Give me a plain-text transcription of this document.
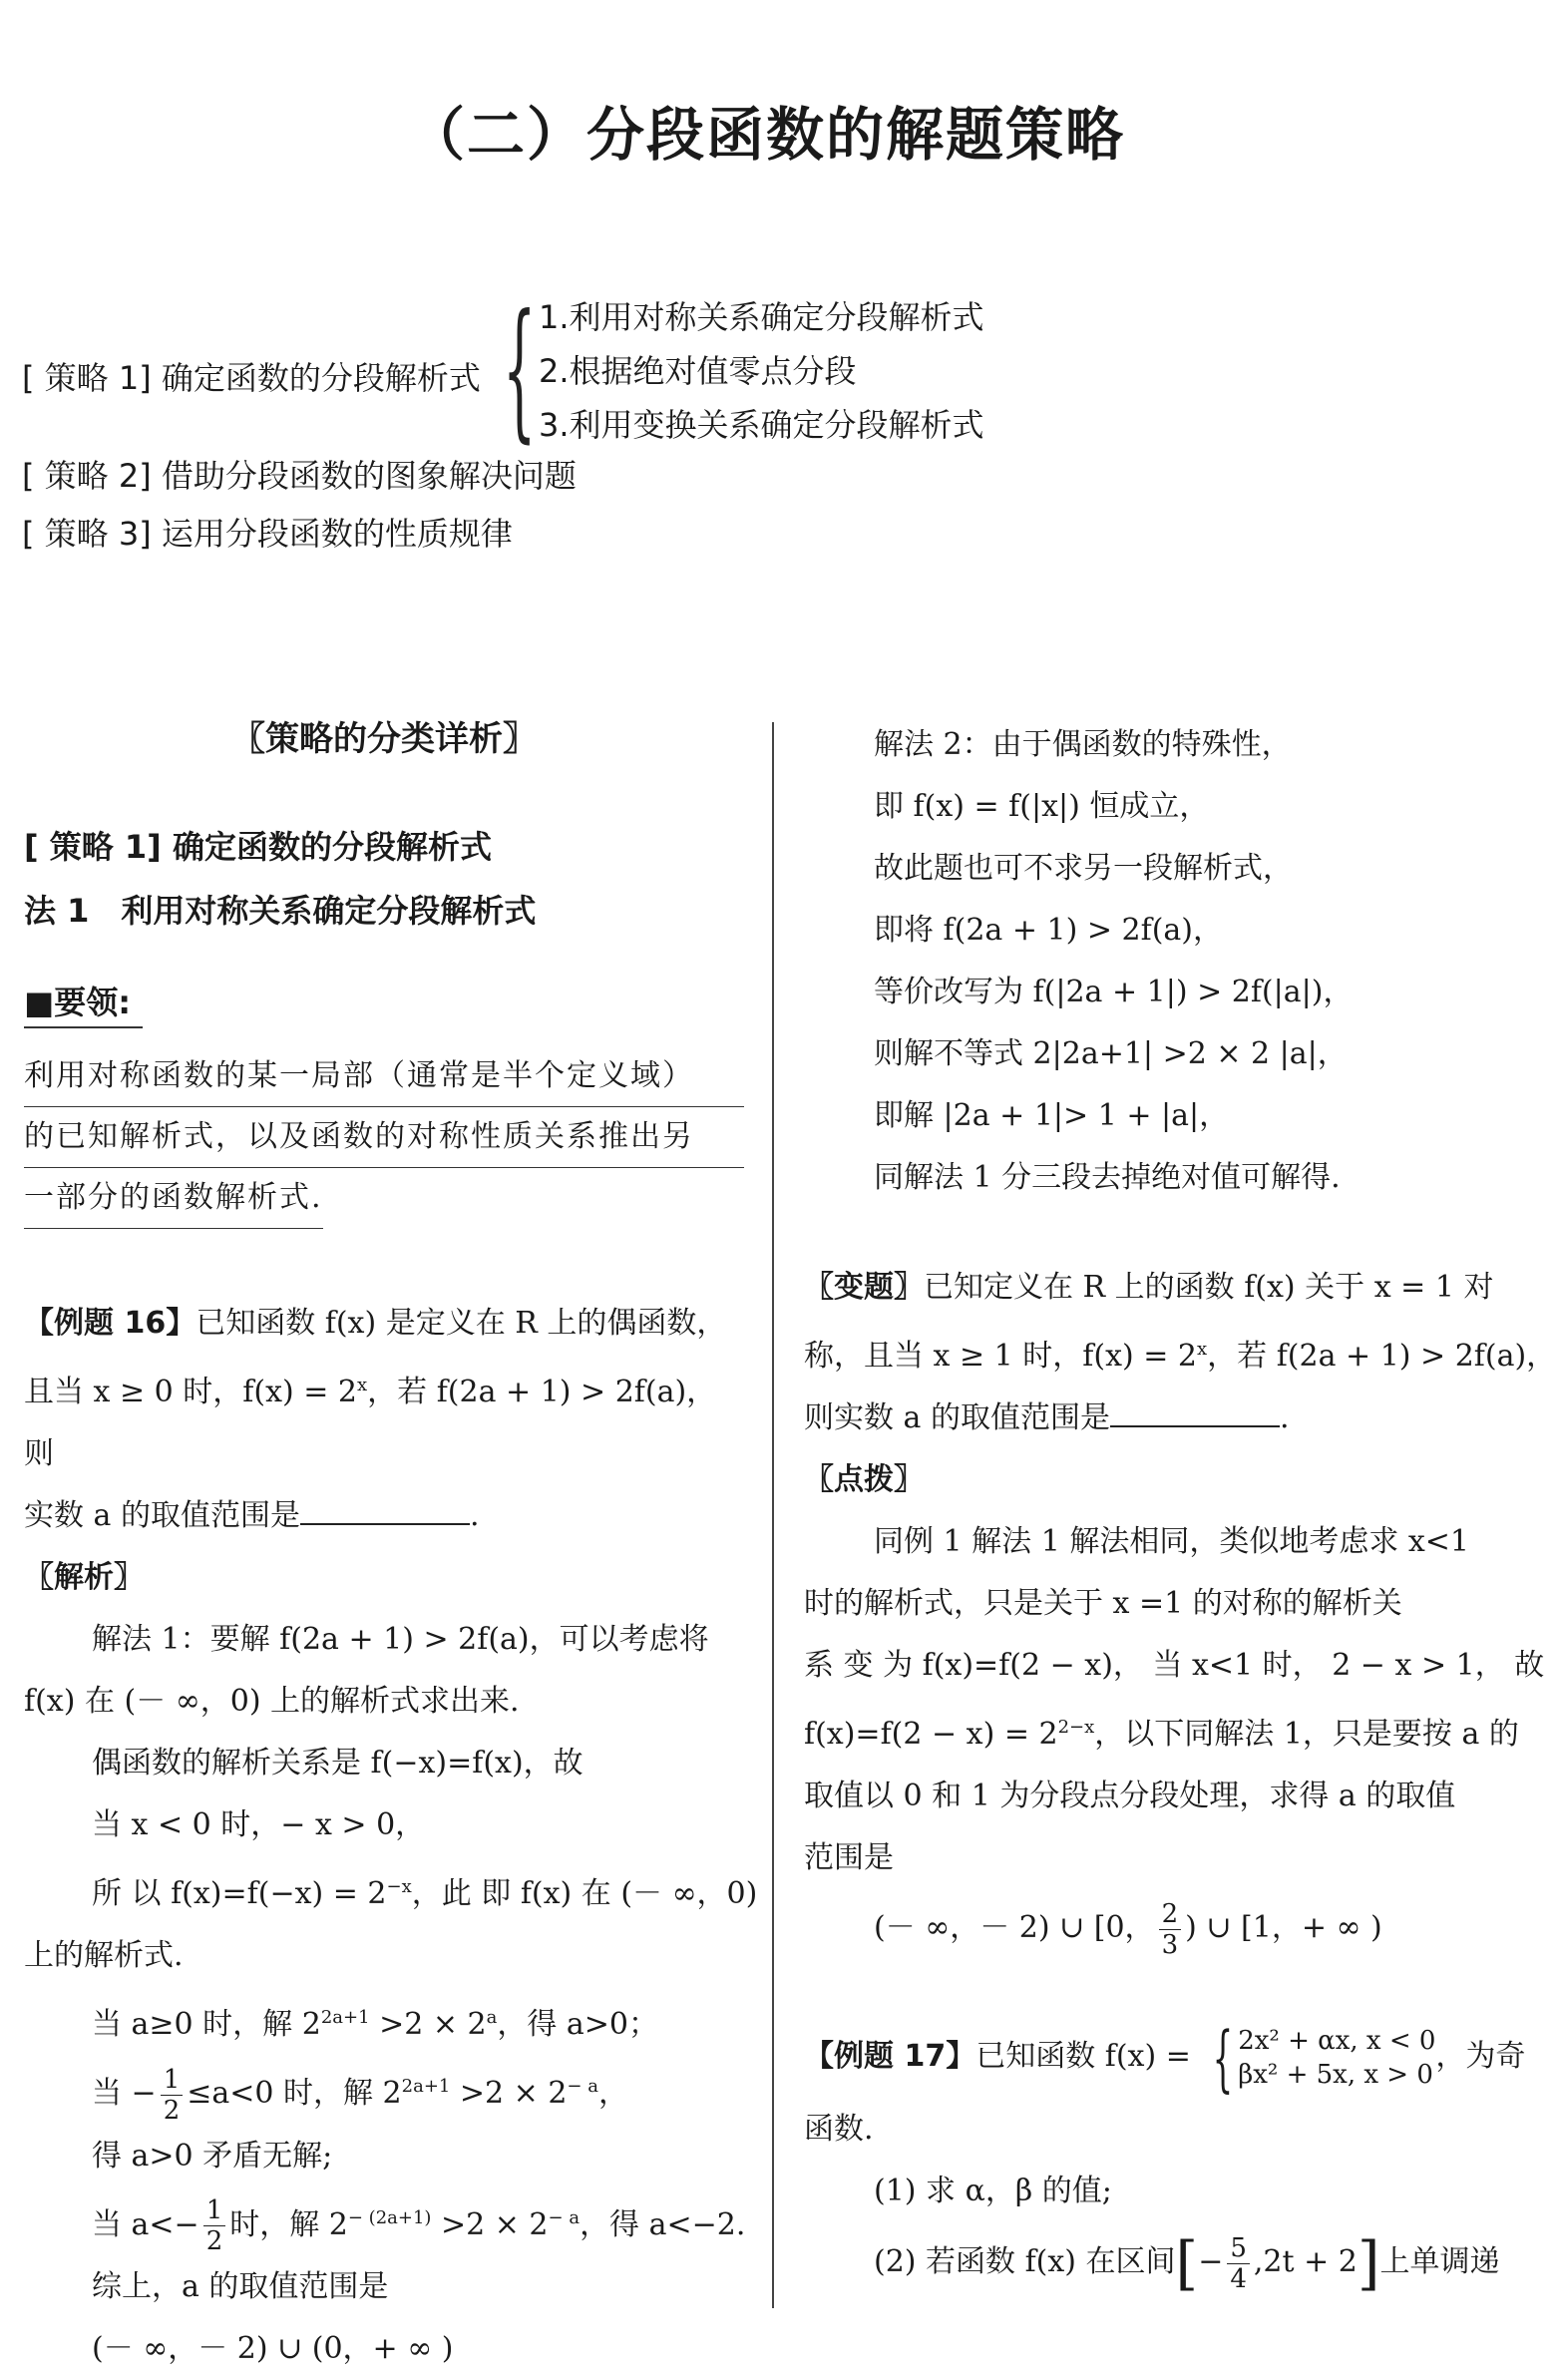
（二）分段函数的解题策略
[ 策略 1] 确定函数的分段解析式 { 1.利用对称关系确定分段解析式
2.根据绝对值零点分段
3.利用变换关系确定分段解析式
[ 策略 2] 借助分段函数的图象解决问题
[ 策略 3] 运用分段函数的性质规律
〖策略的分类详析〗
[ 策略 1] 确定函数的分段解析式
法 1　利用对称关系确定分段解析式
■要领:
利用对称函数的某一局部（通常是半个定义域）
的已知解析式，以及函数的对称性质关系推出另
一部分的函数解析式.
【例题 16】已知函数 f(x) 是定义在 R 上的偶函数，
且当 x ≥ 0 时，$f(x) = 2^x$，若 f(2a + 1) > 2f(a)，则
实数 a 的取值范围是	.
〖解析〗
解法 1：要解 f(2a + 1) > 2f(a)，可以考虑将
f(x) 在 (－ ∞，0) 上的解析式求出来.
偶函数的解析关系是 f(−x)=f(x)，故
当 x < 0 时，− x > 0，
所 以 $f(x)=f(-x) = 2^{-x}$，此 即 f(x) 在 (－ ∞，0)
上的解析式.
当 a≥0 时，解 $2^{2a+1} >2 \times 2^a$，得 a>0；
当 − $\frac{1}{2} \le a<0$ 时，解 $2^{2a+1} >2 \times 2^{- a}$，
得 a>0 矛盾无解;
当 $a<- \frac{1}{2}$ 时，解 $2^{- (2a+1)} >2 \times 2^{- a}$，得 a<−2.
综上，a 的取值范围是
(－ ∞，－ 2) ∪ (0，+ ∞ )
解法 2：由于偶函数的特殊性，
即 f(x) = f(|x|) 恒成立，
故此题也可不求另一段解析式，
即将 f(2a + 1) > 2f(a)，
等价改写为 f(|2a + 1|) > 2f(|a|)，
则解不等式 2|2a+1| >2 × 2 |a|，
即解 |2a + 1|> 1 + |a|，
同解法 1 分三段去掉绝对值可解得.
〖变题〗已知定义在 R 上的函数 f(x) 关于 x = 1 对
称，且当 x ≥ 1 时，$f(x) = 2^x$，若 f(2a + 1) > 2f(a)，
则实数 a 的取值范围是	.
〖点拨〗
同例 1 解法 1 解法相同，类似地考虑求 x<1
时的解析式，只是关于 x =1 的对称的解析关
系 变 为 f(x)=f(2 − x)， 当 x<1 时， 2 − x > 1， 故
$f(x)=f(2 - x) = 2^{2-x}$，以下同解法 1，只是要按 a 的
取值以 0 和 1 为分段点分段处理，求得 a 的取值
范围是
(－ ∞，－ 2) ∪ [0， $\frac{2}{3}$ ) ∪ [1，+ ∞ )
【例题 17】已知函数 f(x) = { 2x² + αx, x < 0
βx² + 5x, x > 0
，为奇
函数.
(1) 求 α，β 的值;
(2) 若函数 f(x) 在区间[− $\frac{5}{4} ,2t + 2$]上单调递
